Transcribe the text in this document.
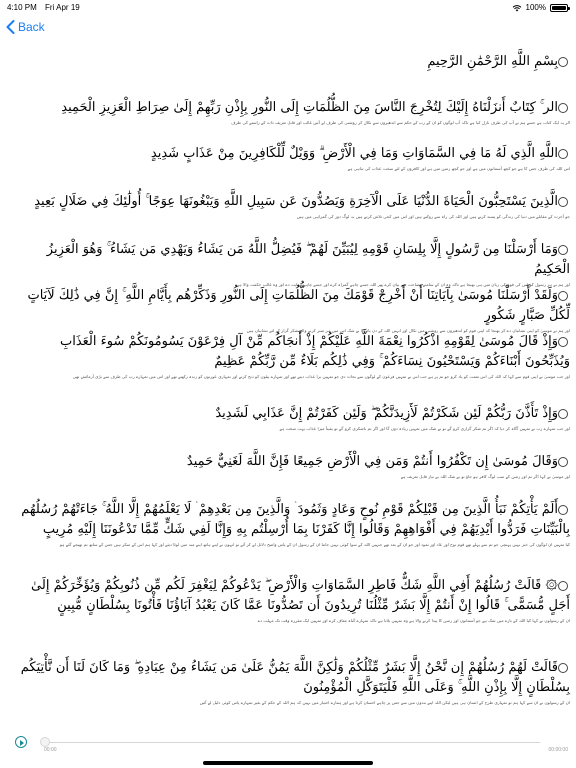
4:10 PM Fri Apr 19	100%
Back
بِسْمِ اللَّهِ الرَّحْمَٰنِ الرَّحِيمِ
الر ۚ كِتَابٌ أَنزَلْنَاهُ إِلَيْكَ لِتُخْرِجَ النَّاسَ مِنَ الظُّلُمَاتِ إِلَى النُّورِ بِإِذْنِ رَبِّهِمْ إِلَىٰ صِرَاطِ الْعَزِيزِ الْحَمِيدِ
الر یہ ایک کتاب ہے جسے ہم نے آپ کی طرف نازل کیا ہے تاکہ آپ لوگوں کو ان کے رب کے حکم سے اندھیروں سے نکال کر روشنی کی طرف لے آئیں غالب اور قابل تعریف ذات کے راستے کی طرف
اللَّهِ الَّذِي لَهُ مَا فِي السَّمَاوَاتِ وَمَا فِي الْأَرْضِ ۗ وَوَيْلٌ لِّلْكَافِرِينَ مِنْ عَذَابٍ شَدِيدٍ
اس اللہ کی طرف جس کا ہے جو کچھ آسمانوں میں ہے اور جو کچھ زمین میں ہے اور کافروں کے لئے سخت عذاب کی تباہی ہے
الَّذِينَ يَسْتَحِبُّونَ الْحَيَاةَ الدُّنْيَا عَلَى الْآخِرَةِ وَيَصُدُّونَ عَن سَبِيلِ اللَّهِ وَيَبْغُونَهَا عِوَجًا ۚ أُولَٰئِكَ فِي ضَلَالٍ بَعِيدٍ
جو آخرت کے مقابلے میں دنیا کی زندگی کو پسند کرتے ہیں اور اللہ کی راہ سے روکتے ہیں اور اس میں کجی تلاش کرتے ہیں یہ لوگ دور کی گمراہی میں ہیں
وَمَا أَرْسَلْنَا مِن رَّسُولٍ إِلَّا بِلِسَانِ قَوْمِهِ لِيُبَيِّنَ لَهُمْ ۖ فَيُضِلُّ اللَّهُ مَن يَشَاءُ وَيَهْدِي مَن يَشَاءُ ۚ وَهُوَ الْعَزِيزُ الْحَكِيمُ
اور ہم نے ہر رسول کو اس کی قوم کی زبان میں ہی بھیجا ہے تاکہ وہ ان کے سامنے وضاحت سے بیان کرے پھر اللہ جسے چاہے گمراہ کرے اور جسے چاہے ہدایت دے اور وہ غالب حکمت والا ہے
وَلَقَدْ أَرْسَلْنَا مُوسَىٰ بِآيَاتِنَا أَنْ أَخْرِجْ قَوْمَكَ مِنَ الظُّلُمَاتِ إِلَى النُّورِ وَذَكِّرْهُم بِأَيَّامِ اللَّهِ ۚ إِنَّ فِي ذَٰلِكَ لَآيَاتٍ لِّكُلِّ صَبَّارٍ شَكُورٍ
اور ہم نے موسیٰ کو اپنی نشانیاں دے کر بھیجا کہ اپنی قوم کو اندھیروں سے روشنی میں نکال اور انہیں اللہ کے دن یاد دلا بے شک اس میں ہر صبر کرنے والے شکر گزار کے لئے نشانیاں ہیں
وَإِذْ قَالَ مُوسَىٰ لِقَوْمِهِ اذْكُرُوا نِعْمَةَ اللَّهِ عَلَيْكُمْ إِذْ أَنجَاكُم مِّنْ آلِ فِرْعَوْنَ يَسُومُونَكُمْ سُوءَ الْعَذَابِ وَيُذَبِّحُونَ أَبْنَاءَكُمْ وَيَسْتَحْيُونَ نِسَاءَكُمْ ۚ وَفِي ذَٰلِكُم بَلَاءٌ مِّن رَّبِّكُمْ عَظِيمٌ
اور جب موسیٰ نے اپنی قوم سے کہا کہ اللہ کی اس نعمت کو یاد کرو جو تم پر ہے جب اس نے تمہیں فرعون کے لوگوں سے نجات دی جو تمہیں برا عذاب دیتے تھے اور تمہارے بیٹوں کو ذبح کرتے اور تمہاری عورتوں کو زندہ رکھتے تھے اور اس میں تمہارے رب کی طرف سے بڑی آزمائش تھی
وَإِذْ تَأَذَّنَ رَبُّكُمْ لَئِن شَكَرْتُمْ لَأَزِيدَنَّكُمْ ۖ وَلَئِن كَفَرْتُمْ إِنَّ عَذَابِي لَشَدِيدٌ
اور جب تمہارے رب نے تمہیں آگاہ کر دیا کہ اگر تم شکر گزاری کرو گے تو بے شک میں تمہیں زیادہ دوں گا اور اگر تم ناشکری کرو گے تو یقیناً میرا عذاب بہت سخت ہے
وَقَالَ مُوسَىٰ إِن تَكْفُرُوا أَنتُمْ وَمَن فِي الْأَرْضِ جَمِيعًا فَإِنَّ اللَّهَ لَغَنِيٌّ حَمِيدٌ
اور موسیٰ نے کہا اگر تم اور زمین کے سب لوگ کافر ہو جاؤ تو بے شک اللہ بے نیاز قابل تعریف ہے
أَلَمْ يَأْتِكُمْ نَبَأُ الَّذِينَ مِن قَبْلِكُمْ قَوْمِ نُوحٍ وَعَادٍ وَثَمُودَ ۛ وَالَّذِينَ مِن بَعْدِهِمْ ۛ لَا يَعْلَمُهُمْ إِلَّا اللَّهُ ۚ جَاءَتْهُمْ رُسُلُهُم بِالْبَيِّنَاتِ فَرَدُّوا أَيْدِيَهُمْ فِي أَفْوَاهِهِمْ وَقَالُوا إِنَّا كَفَرْنَا بِمَا أُرْسِلْتُم بِهِ وَإِنَّا لَفِي شَكٍّ مِّمَّا تَدْعُونَنَا إِلَيْهِ مُرِيبٍ
کیا تمہیں ان لوگوں کی خبر نہیں پہنچی جو تم سے پہلے تھے قوم نوح اور عاد اور ثمود اور جو ان کے بعد تھے جنہیں اللہ کے سوا کوئی نہیں جانتا ان کے رسول ان کے پاس واضح دلائل لے کر آئے تو انہوں نے اپنے ہاتھ اپنے منہ میں لوٹا دیئے اور کہا ہم اس کے منکر ہیں جس کے ساتھ تم بھیجے گئے ہو
۞ قَالَتْ رُسُلُهُمْ أَفِي اللَّهِ شَكٌّ فَاطِرِ السَّمَاوَاتِ وَالْأَرْضِ ۖ يَدْعُوكُمْ لِيَغْفِرَ لَكُم مِّن ذُنُوبِكُمْ وَيُؤَخِّرَكُمْ إِلَىٰ أَجَلٍ مُّسَمًّى ۚ قَالُوا إِنْ أَنتُمْ إِلَّا بَشَرٌ مِّثْلُنَا تُرِيدُونَ أَن تَصُدُّونَا عَمَّا كَانَ يَعْبُدُ آبَاؤُنَا فَأْتُونَا بِسُلْطَانٍ مُّبِينٍ
ان کے رسولوں نے کہا کیا اللہ کے بارے میں شک ہے جو آسمانوں اور زمین کا پیدا کرنے والا ہے وہ تمہیں بلاتا ہے تاکہ تمہارے گناہ معاف کرے اور تمہیں ایک مقررہ وقت تک مہلت دے
قَالَتْ لَهُمْ رُسُلُهُمْ إِن نَّحْنُ إِلَّا بَشَرٌ مِّثْلُكُمْ وَلَٰكِنَّ اللَّهَ يَمُنُّ عَلَىٰ مَن يَشَاءُ مِنْ عِبَادِهِ ۖ وَمَا كَانَ لَنَا أَن نَّأْتِيَكُم بِسُلْطَانٍ إِلَّا بِإِذْنِ اللَّهِ ۚ وَعَلَى اللَّهِ فَلْيَتَوَكَّلِ الْمُؤْمِنُونَ
ان کے رسولوں نے ان سے کہا ہم تو تمہاری طرح کے انسان ہی ہیں لیکن اللہ اپنے بندوں میں سے جس پر چاہے احسان کرتا ہے اور ہمارے اختیار میں نہیں کہ ہم اللہ کے حکم کے بغیر تمہارے پاس کوئی دلیل لے آئیں
00:00	00:00:00
